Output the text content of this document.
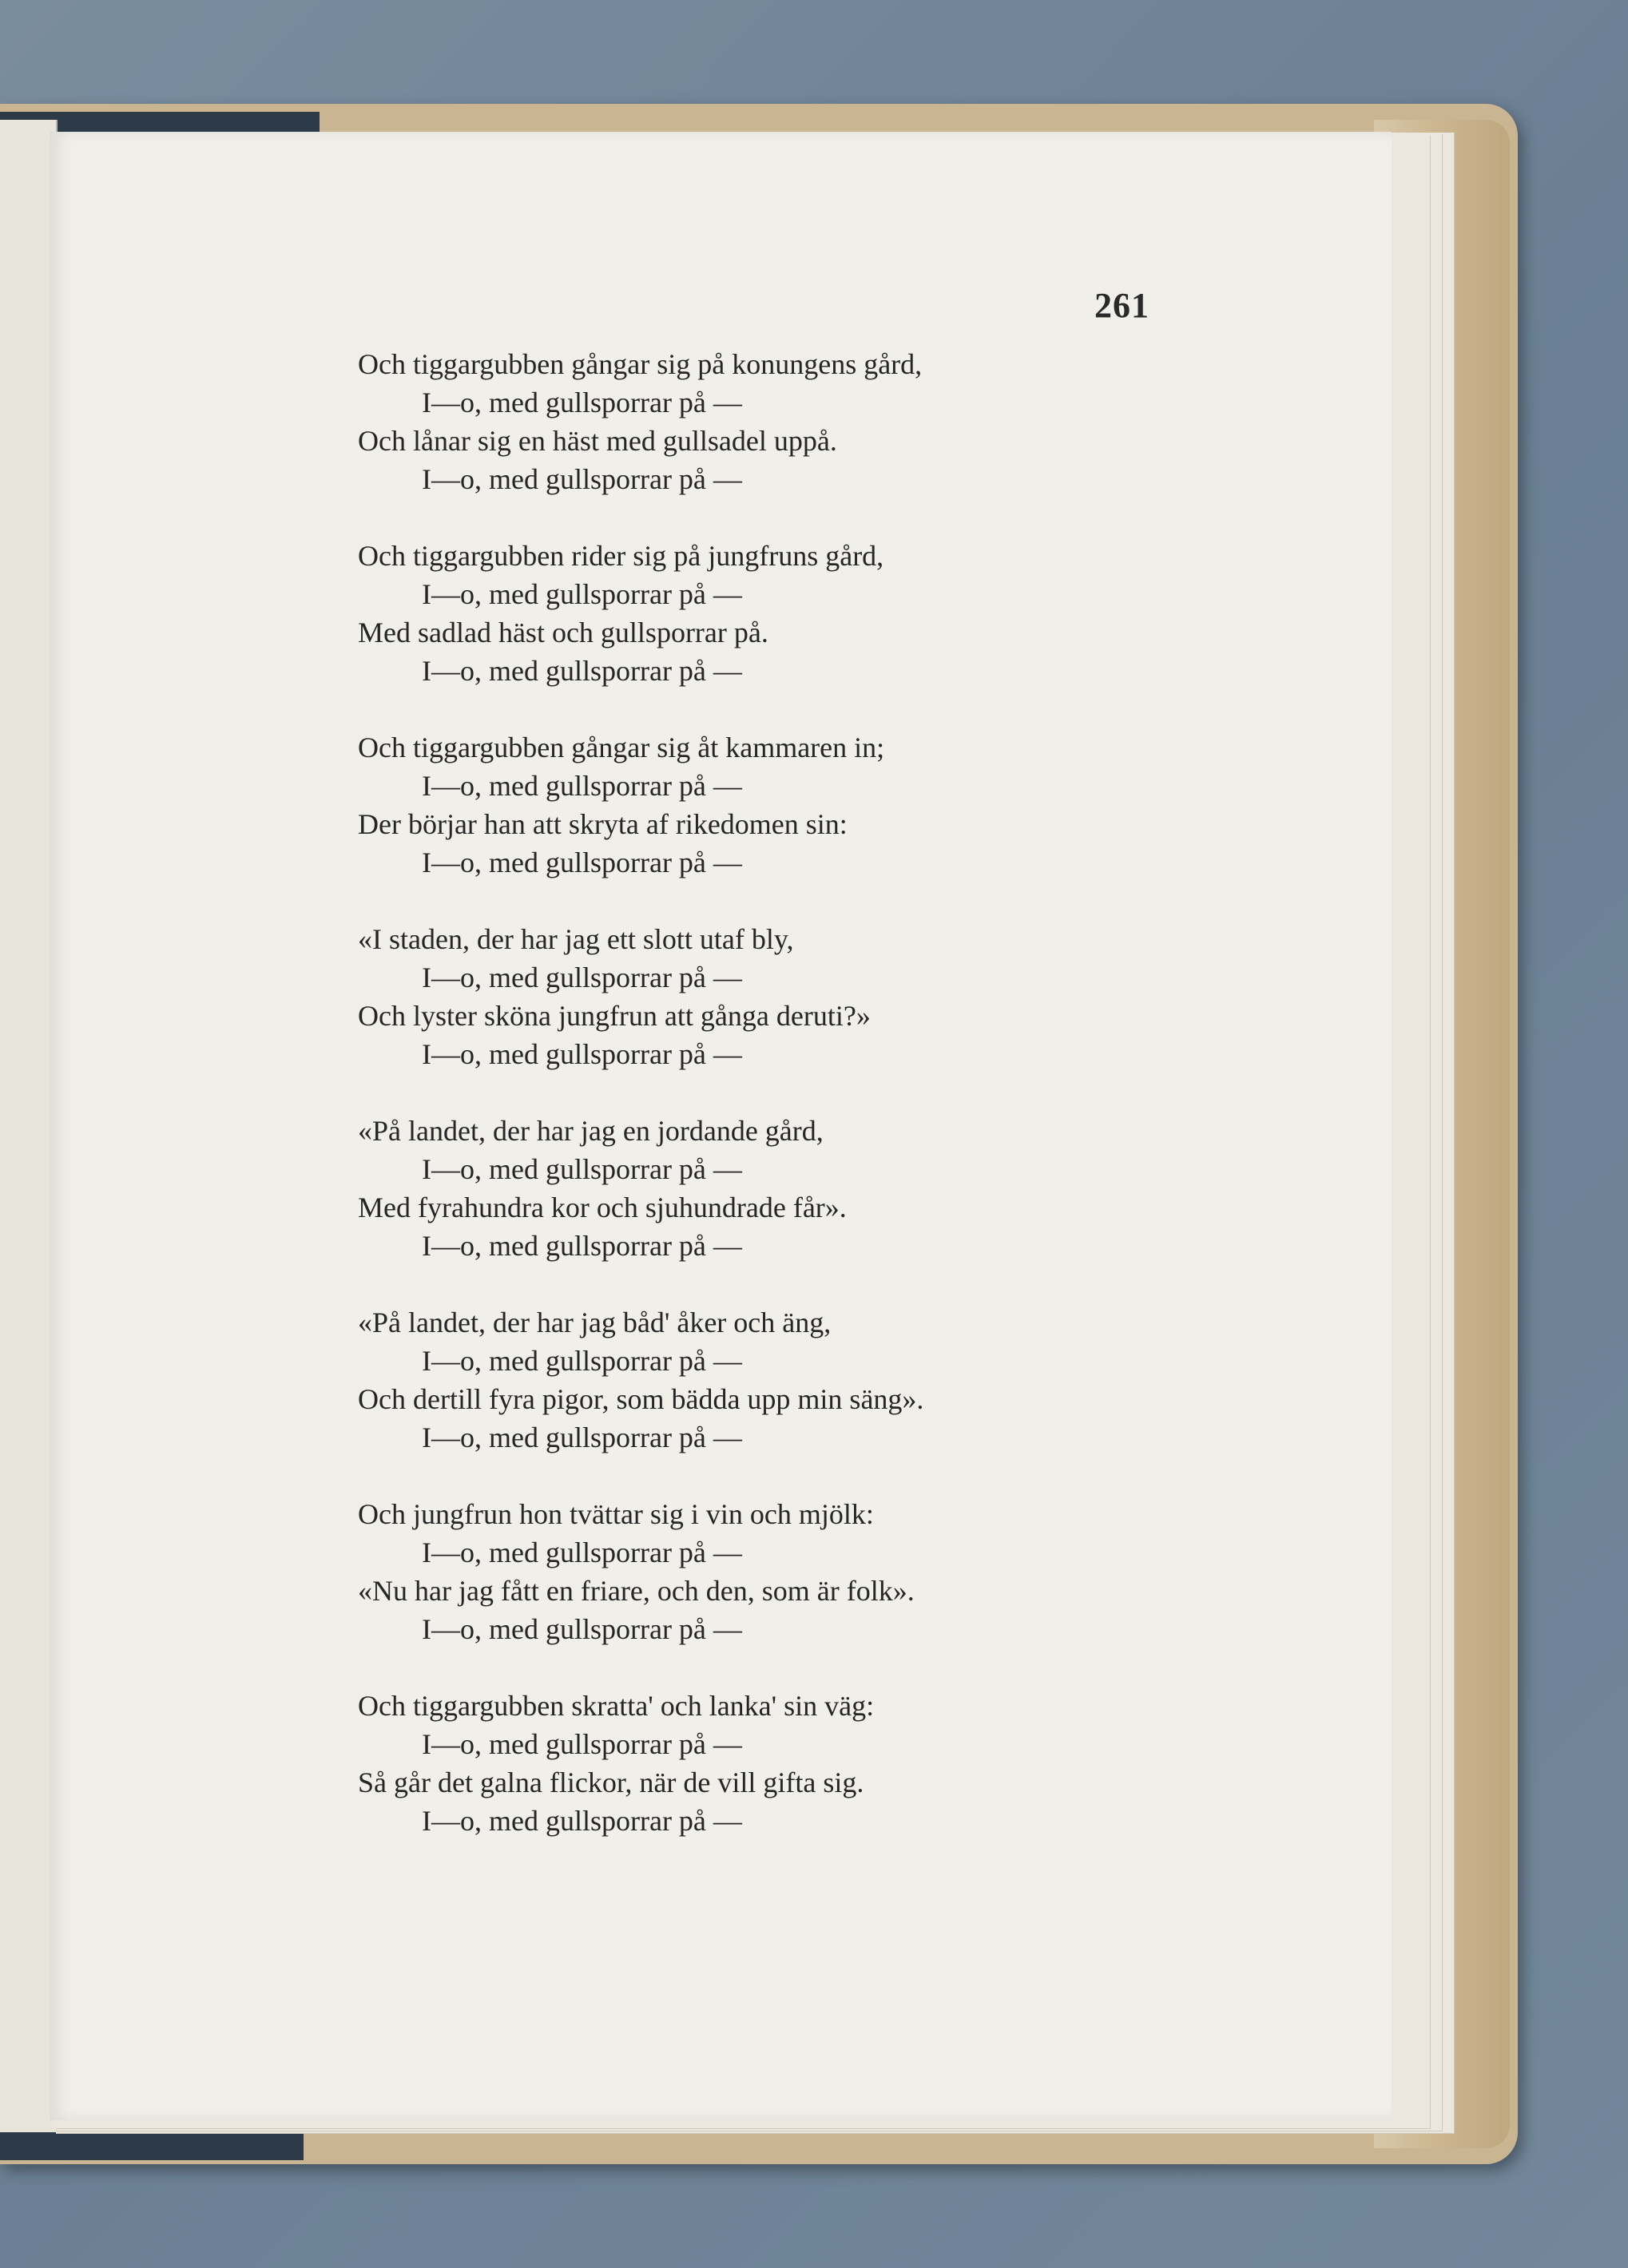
261
Och tiggargubben gångar sig på konungens gård,
I—o, med gullsporrar på —
Och lånar sig en häst med gullsadel uppå.
I—o, med gullsporrar på —
Och tiggargubben rider sig på jungfruns gård,
I—o, med gullsporrar på —
Med sadlad häst och gullsporrar på.
I—o, med gullsporrar på —
Och tiggargubben gångar sig åt kammaren in;
I—o, med gullsporrar på —
Der börjar han att skryta af rikedomen sin:
I—o, med gullsporrar på —
«I staden, der har jag ett slott utaf bly,
I—o, med gullsporrar på —
Och lyster sköna jungfrun att gånga deruti?»
I—o, med gullsporrar på —
«På landet, der har jag en jordande gård,
I—o, med gullsporrar på —
Med fyrahundra kor och sjuhundrade får».
I—o, med gullsporrar på —
«På landet, der har jag båd' åker och äng,
I—o, med gullsporrar på —
Och dertill fyra pigor, som bädda upp min säng».
I—o, med gullsporrar på —
Och jungfrun hon tvättar sig i vin och mjölk:
I—o, med gullsporrar på —
«Nu har jag fått en friare, och den, som är folk».
I—o, med gullsporrar på —
Och tiggargubben skratta' och lanka' sin väg:
I—o, med gullsporrar på —
Så går det galna flickor, när de vill gifta sig.
I—o, med gullsporrar på —
